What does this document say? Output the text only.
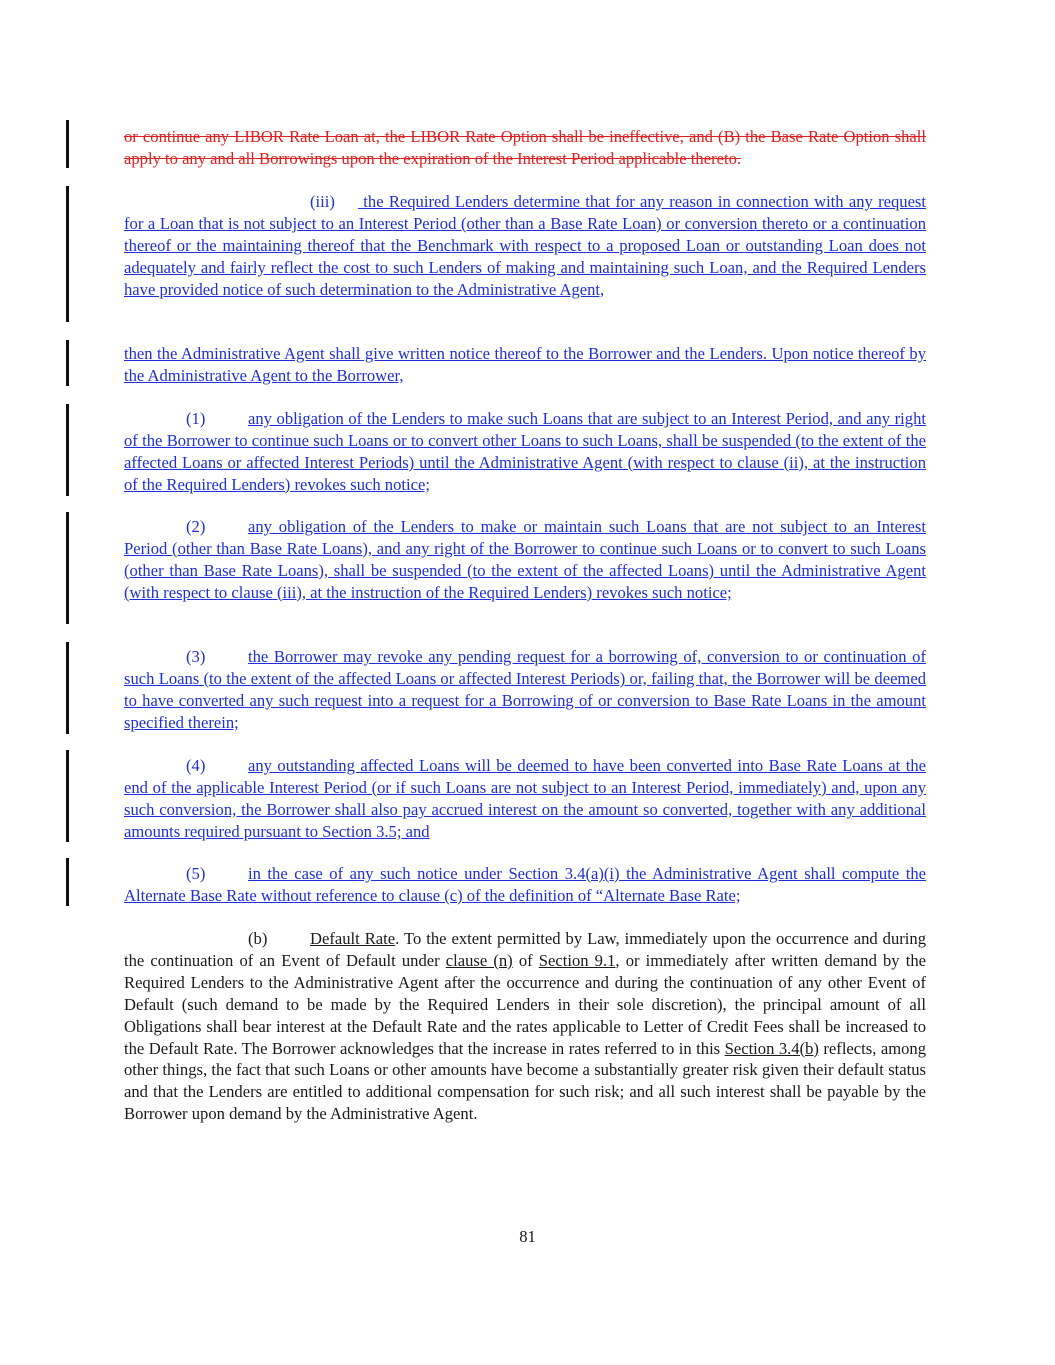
or continue any LIBOR Rate Loan at, the LIBOR Rate Option shall be ineffective, and (B) the Base Rate Option shall apply to any and all Borrowings upon the expiration of the Interest Period applicable thereto.

(iii) the Required Lenders determine that for any reason in connection with any request for a Loan that is not subject to an Interest Period (other than a Base Rate Loan) or conversion thereto or a continuation thereof or the maintaining thereof that the Benchmark with respect to a proposed Loan or outstanding Loan does not adequately and fairly reflect the cost to such Lenders of making and maintaining such Loan, and the Required Lenders have provided notice of such determination to the Administrative Agent,

then the Administrative Agent shall give written notice thereof to the Borrower and the Lenders. Upon notice thereof by the Administrative Agent to the Borrower,

(1)	any obligation of the Lenders to make such Loans that are subject to an Interest Period, and any right of the Borrower to continue such Loans or to convert other Loans to such Loans, shall be suspended (to the extent of the affected Loans or affected Interest Periods) until the Administrative Agent (with respect to clause (ii), at the instruction of the Required Lenders) revokes such notice;

(2)	any obligation of the Lenders to make or maintain such Loans that are not subject to an Interest Period (other than Base Rate Loans), and any right of the Borrower to continue such Loans or to convert to such Loans (other than Base Rate Loans), shall be suspended (to the extent of the affected Loans) until the Administrative Agent (with respect to clause (iii), at the instruction of the Required Lenders) revokes such notice;

(3)	the Borrower may revoke any pending request for a borrowing of, conversion to or continuation of such Loans (to the extent of the affected Loans or affected Interest Periods) or, failing that, the Borrower will be deemed to have converted any such request into a request for a Borrowing of or conversion to Base Rate Loans in the amount specified therein;

(4)	any outstanding affected Loans will be deemed to have been converted into Base Rate Loans at the end of the applicable Interest Period (or if such Loans are not subject to an Interest Period, immediately) and, upon any such conversion, the Borrower shall also pay accrued interest on the amount so converted, together with any additional amounts required pursuant to Section 3.5; and

(5)	in the case of any such notice under Section 3.4(a)(i) the Administrative Agent shall compute the Alternate Base Rate without reference to clause (c) of the definition of “Alternate Base Rate;

(b)	Default Rate. To the extent permitted by Law, immediately upon the occurrence and during the continuation of an Event of Default under clause (n) of Section 9.1, or immediately after written demand by the Required Lenders to the Administrative Agent after the occurrence and during the continuation of any other Event of Default (such demand to be made by the Required Lenders in their sole discretion), the principal amount of all Obligations shall bear interest at the Default Rate and the rates applicable to Letter of Credit Fees shall be increased to the Default Rate. The Borrower acknowledges that the increase in rates referred to in this Section 3.4(b) reflects, among other things, the fact that such Loans or other amounts have become a substantially greater risk given their default status and that the Lenders are entitled to additional compensation for such risk; and all such interest shall be payable by the Borrower upon demand by the Administrative Agent.

81
